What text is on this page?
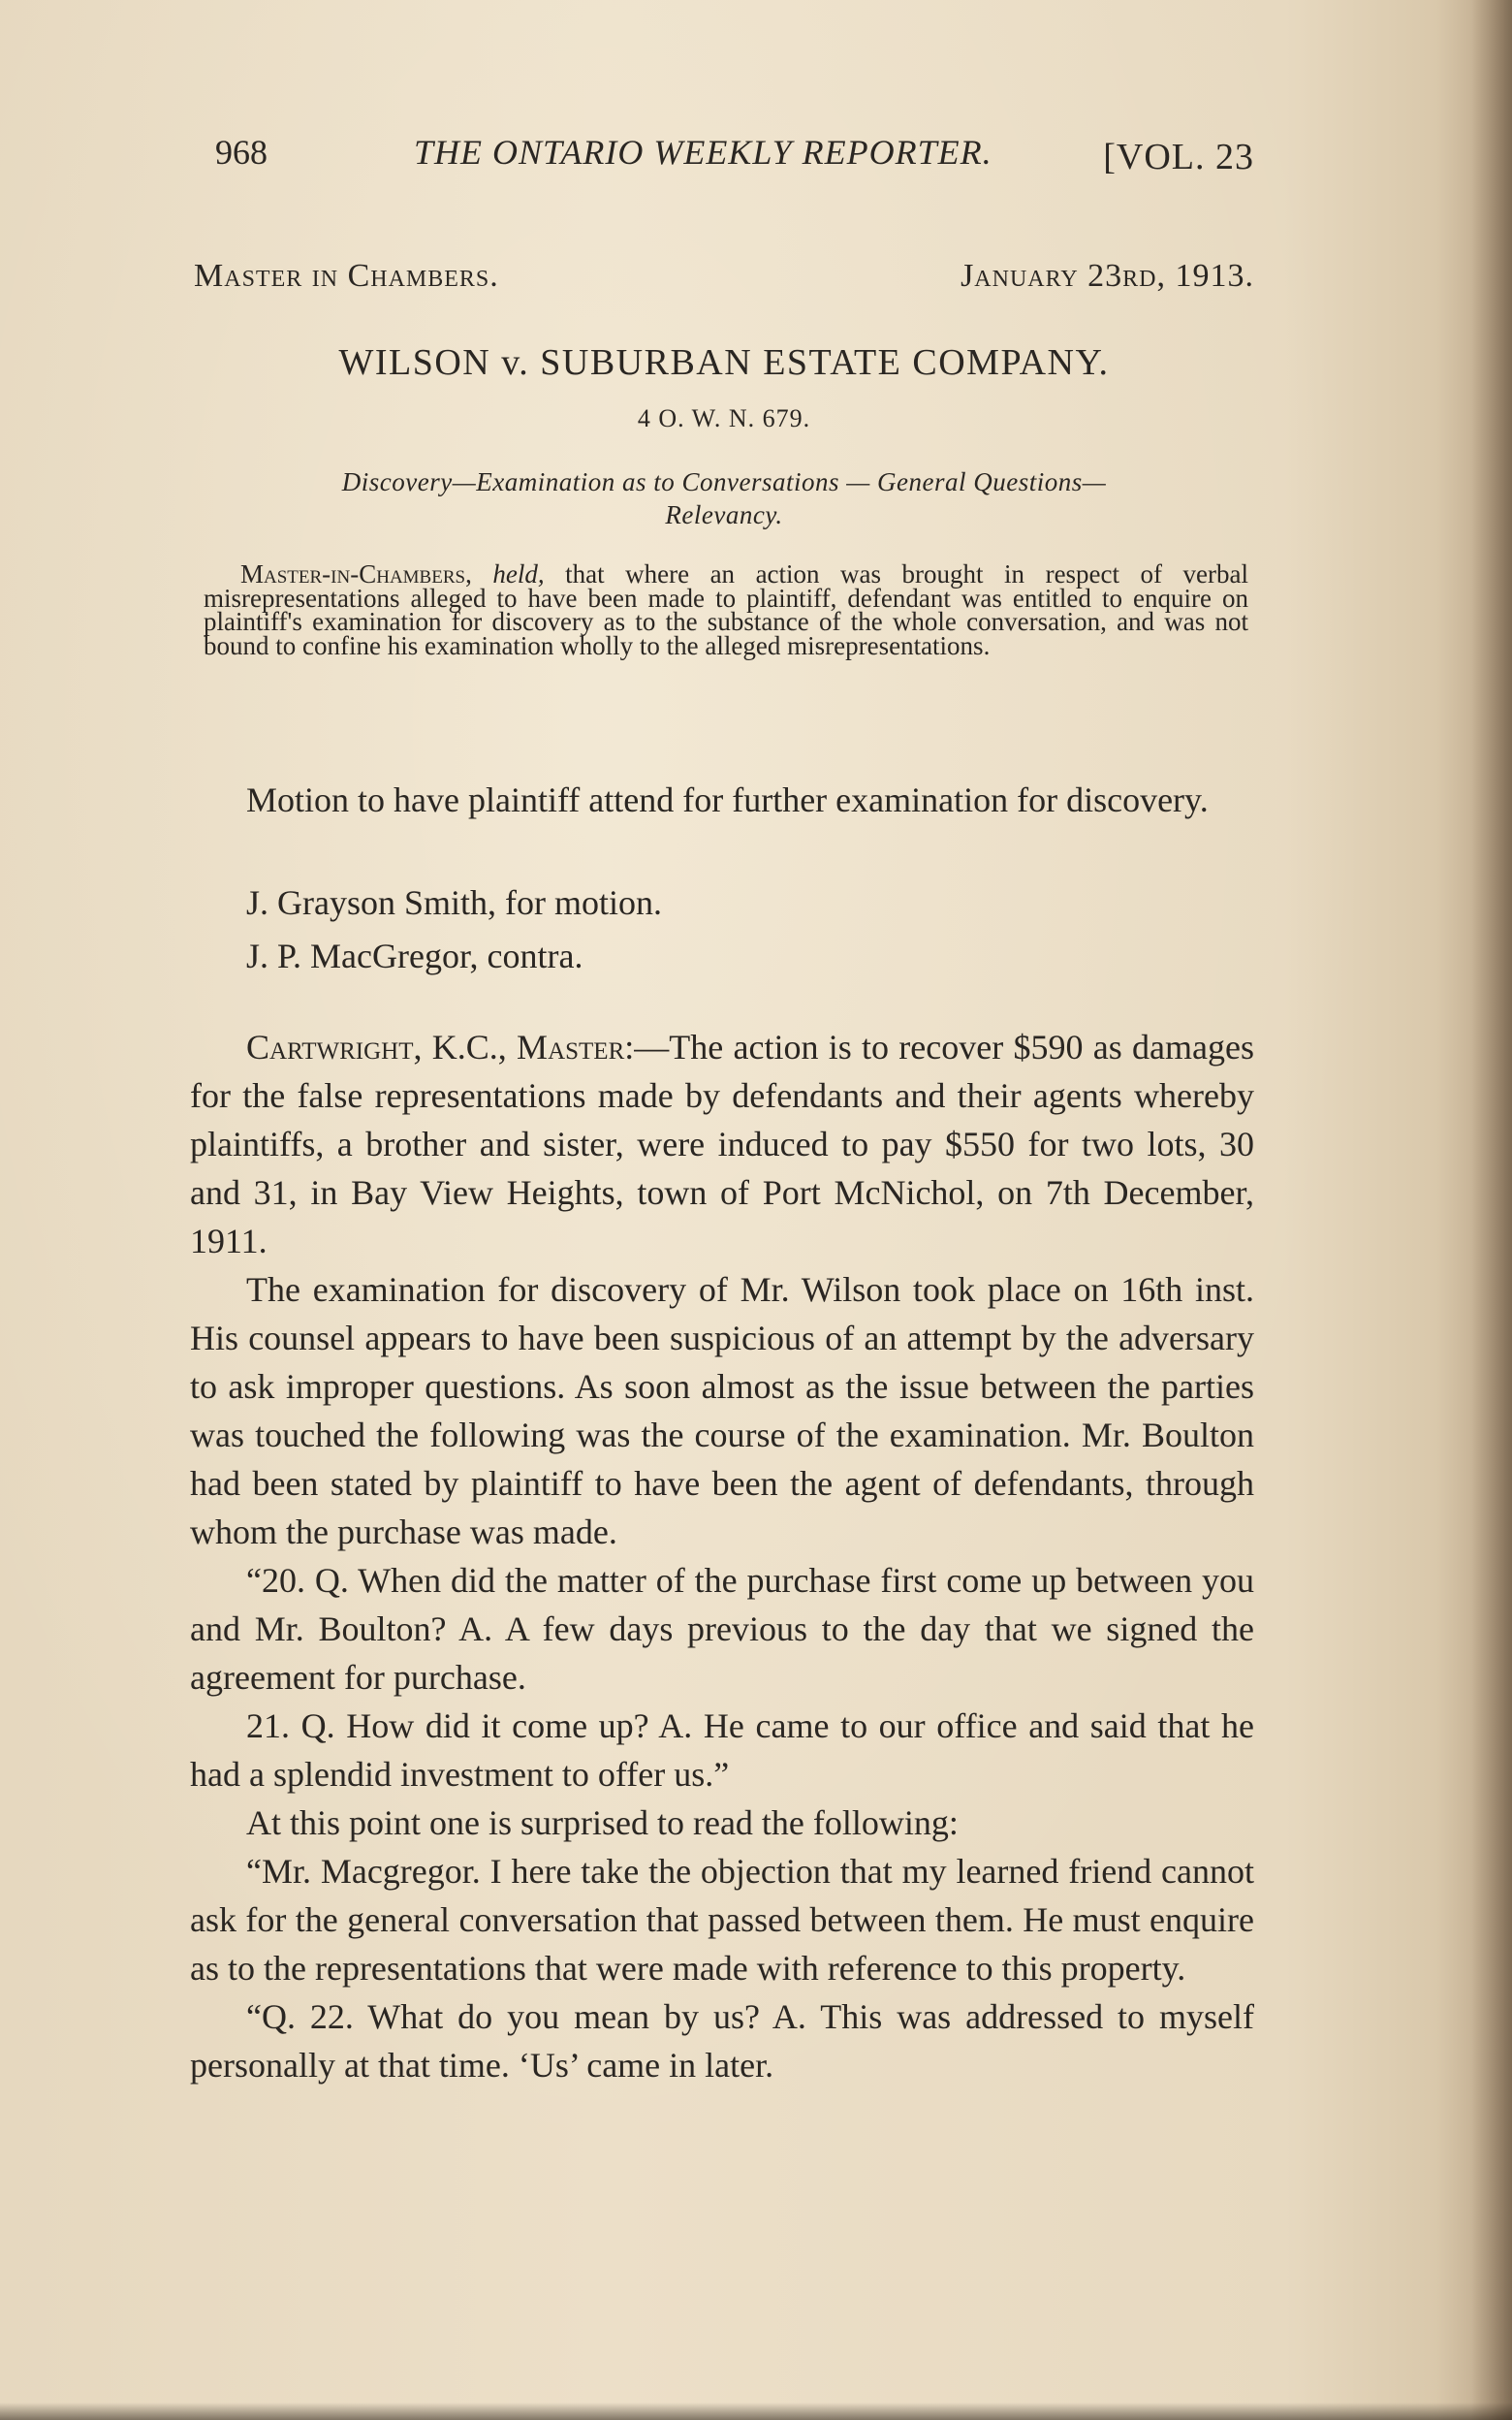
968	THE ONTARIO WEEKLY REPORTER.	[VOL. 23
Master in Chambers.	January 23rd, 1913.
WILSON v. SUBURBAN ESTATE COMPANY.
4 O. W. N. 679.
Discovery—Examination as to Conversations — General Questions—
Relevancy.
Master-in-Chambers, held, that where an action was brought in respect of verbal misrepresentations alleged to have been made to plaintiff, defendant was entitled to enquire on plaintiff's examination for discovery as to the substance of the whole conversation, and was not bound to confine his examination wholly to the alleged misrepresentations.

Motion to have plaintiff attend for further examination for discovery.

J. Grayson Smith, for motion.
J. P. MacGregor, contra.

Cartwright, K.C., Master:—The action is to recover $590 as damages for the false representations made by defendants and their agents whereby plaintiffs, a brother and sister, were induced to pay $550 for two lots, 30 and 31, in Bay View Heights, town of Port McNichol, on 7th December, 1911.

The examination for discovery of Mr. Wilson took place on 16th inst. His counsel appears to have been suspicious of an attempt by the adversary to ask improper questions. As soon almost as the issue between the parties was touched the following was the course of the examination. Mr. Boulton had been stated by plaintiff to have been the agent of defendants, through whom the purchase was made.

“20. Q. When did the matter of the purchase first come up between you and Mr. Boulton? A. A few days previous to the day that we signed the agreement for purchase.

21. Q. How did it come up? A. He came to our office and said that he had a splendid investment to offer us.”

At this point one is surprised to read the following:

“Mr. Macgregor. I here take the objection that my learned friend cannot ask for the general conversation that passed between them. He must enquire as to the representations that were made with reference to this property.

“Q. 22. What do you mean by us? A. This was addressed to myself personally at that time. ‘Us’ came in later.
